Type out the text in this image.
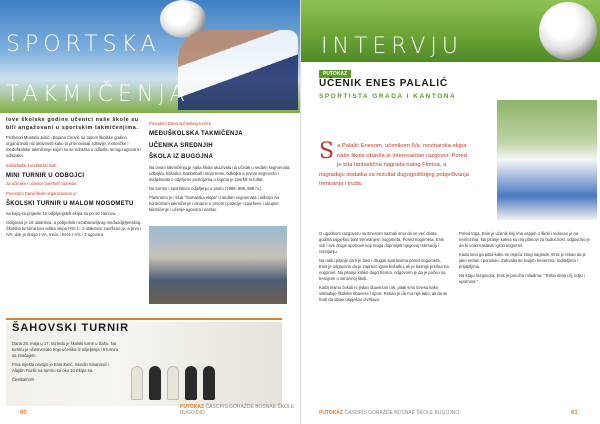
SPORTSKA
TAKMIČENJA
Iove školske godine učenici naše škole su bili angažovani u sportskim takmičenjima.

Profesori Mustafa Jusić i Bojana Ćirović sa tokom školske godine organizovali niz aktivnosti kako bi promovisali zdravlje, motoričke i međuškolske takmičenje kojim su se odrazila u odlasku mnogo ugovora i odlazaka.

Košarkaški konditorski klub
MINI TURNIR U ODBOJCI
za učenike i učenice završnih razreda.
Povodom Dana škole organizovano je
ŠKOLSKI TURNIR U MALOM NOGOMETU

na kojoj su prijavile 10 odjeljenjskih ekipa sa po 10 članova.

Odigrano je 16 utakmica, a pobjednik nezaboravljivog međuodjeljenskog. Školska turnirna kao velika ekipa IXIII.C. 3 utakmice završeno je, a prvo i IVA, dok je drugo I-VA, treće i treće I-VII. i 3 ugovora.

Povodom Dana općinskog turnira
MEĐUŠKOLSKA TAKMIČENJA
UČENIKA SREDNJIH
ŠKOLA IZ BUGOJNA

Na ovom takmičenju je naša škola ukazivala na učinak u sedam segmenata: odbojka, košarka, basketball i stoni tenis, odbojka u prvom segmentu i sudjelovala u odjeljeno pozicijama u kojima je završili rezultat.

Na turniru i sportskom odjeljenju u prvim (1998, 888, 888 m.).

Planiramo je i klub "Šumarska ekipa" u sedam segmenata i odbojci na kontrolnom takmičenje i ukupne u prvom i pozicije i završene i ukupne takmičenje i učenje ugovora i sastav.

ŠAHOVSKI TURNIR

Dana 25. maja u 17. razredu je školski turnir u Šahu. Na turniru je učestvovalo troje učenika iz odjeljenja i 6 turnira sa značajem.

Prva mjesta osvojio je Enis Zorić, Sendin Sinanović i Alajdin Fazlić na turniru sa oko 10 Ekipa sa.

Čestitamo!!!

60
PUTOKAZ ČASOPIS GORAŽDE BOSNAE ŠKOLE BUGOJNO
INTERVJU
PUTOKAZ
UČENIK ENES PALALIĆ
SPORTISTA GRADA I KANTONA
S a Palalić Enesom, učenikom IVa, novinarska ekipa naše škole obavila je interesantan razgovor. Pored je bila fantastična nagrada nalog Floriua, a nagrađuju dodatka za rezultat dugogodišnjeg pobjeđivanja treniranja i truda.

O ugodnom razgovoru sa Enesom saznali smo da se već dosta godina uspješno bavi treniranjem nogometa. Pored nogometa, Enis voli i sve druge sportove koji mogu doprinijeti njegovoj rekreaciji i razvijanju.

Na našu pitanje da li je bavi i drugim sportovima pored nogometa, Enis je odgovorio da je zapravo igrao košarku, ali je kasnije prešao na nogomet. Na pitanje koliko dugo trenira, odgovorio je da je počeo sa trenigom u osnovnoj školi.

Kada nismo čekali ni jedan obavezan rok, pitali smo Enesa kako usklađuje školske obaveze i sport. Rekao je da mu nije lako, ali da se trudi da oboje uspješno izvršava.

Pored toga, Enis je učenik koji ima uspjeh u školi i redovan je na treninzima. Na pitanje kakva su mu planovi za budućnost, odgovorio je da bi volio nastaviti igrati nogomet.

Kada smo ga pitali kako se osjeća zbog nagrade, Enis je rekao da je jako sretan i ponosan. Zahvalio se svojim trenerima, roditeljima i prijateljima.

Na kraju razgovora, Enis je poručio mladima: "Treba imati cilj, volju i upornost."

PUTOKAZ ČASOPIS GORAŽDE BOSNAE ŠKOLE BUGOJNO	61
